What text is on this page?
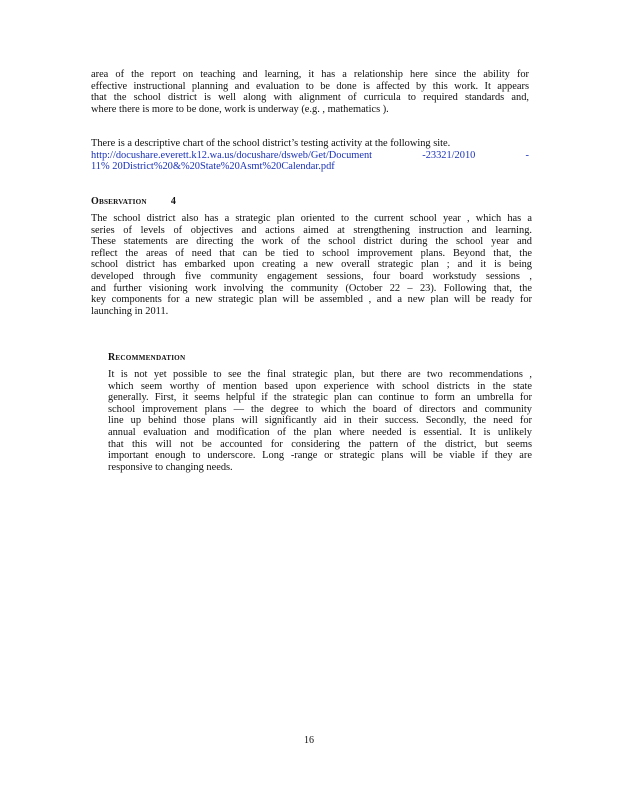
area of the report on teaching and learning, it has a relationship here since the ability for
effective instructional planning and evaluation to be done is affected by this work. It appears
that the school district is well along with alignment of curricula to required standards and,
where there is more to be done, work is underway (e.g. , mathematics ).
There is a descriptive chart of the school district’s testing activity at the following site.
http://docushare.everett.k12.wa.us/docushare/dsweb/Get/Document -23321/2010 -
11% 20District%20&%20State%20Asmt%20Calendar.pdf
OBSERVATION 4
The school district also has a strategic plan oriented to the current school year , which has a
series of levels of objectives and actions aimed at strengthening instruction and learning.
These statements are directing the work of the school district during the school year and
reflect the areas of need that can be tied to school improvement plans. Beyond that, the
school district has embarked upon creating a new overall strategic plan ; and it is being
developed through five community engagement sessions, four board workstudy sessions ,
and further visioning work involving the community (October 22 – 23). Following that, the
key components for a new strategic plan will be assembled , and a new plan will be ready for
launching in 2011.
RECOMMENDATION
It is not yet possible to see the final strategic plan, but there are two recommendations ,
which seem worthy of mention based upon experience with school districts in the state
generally. First, it seems helpful if the strategic plan can continue to form an umbrella for
school improvement plans — the degree to which the board of directors and community
line up behind those plans will significantly aid in their success. Secondly, the need for
annual evaluation and modification of the plan where needed is essential. It is unlikely
that this will not be accounted for considering the pattern of the district, but seems
important enough to underscore. Long -range or strategic plans will be viable if they are
responsive to changing needs.
16
